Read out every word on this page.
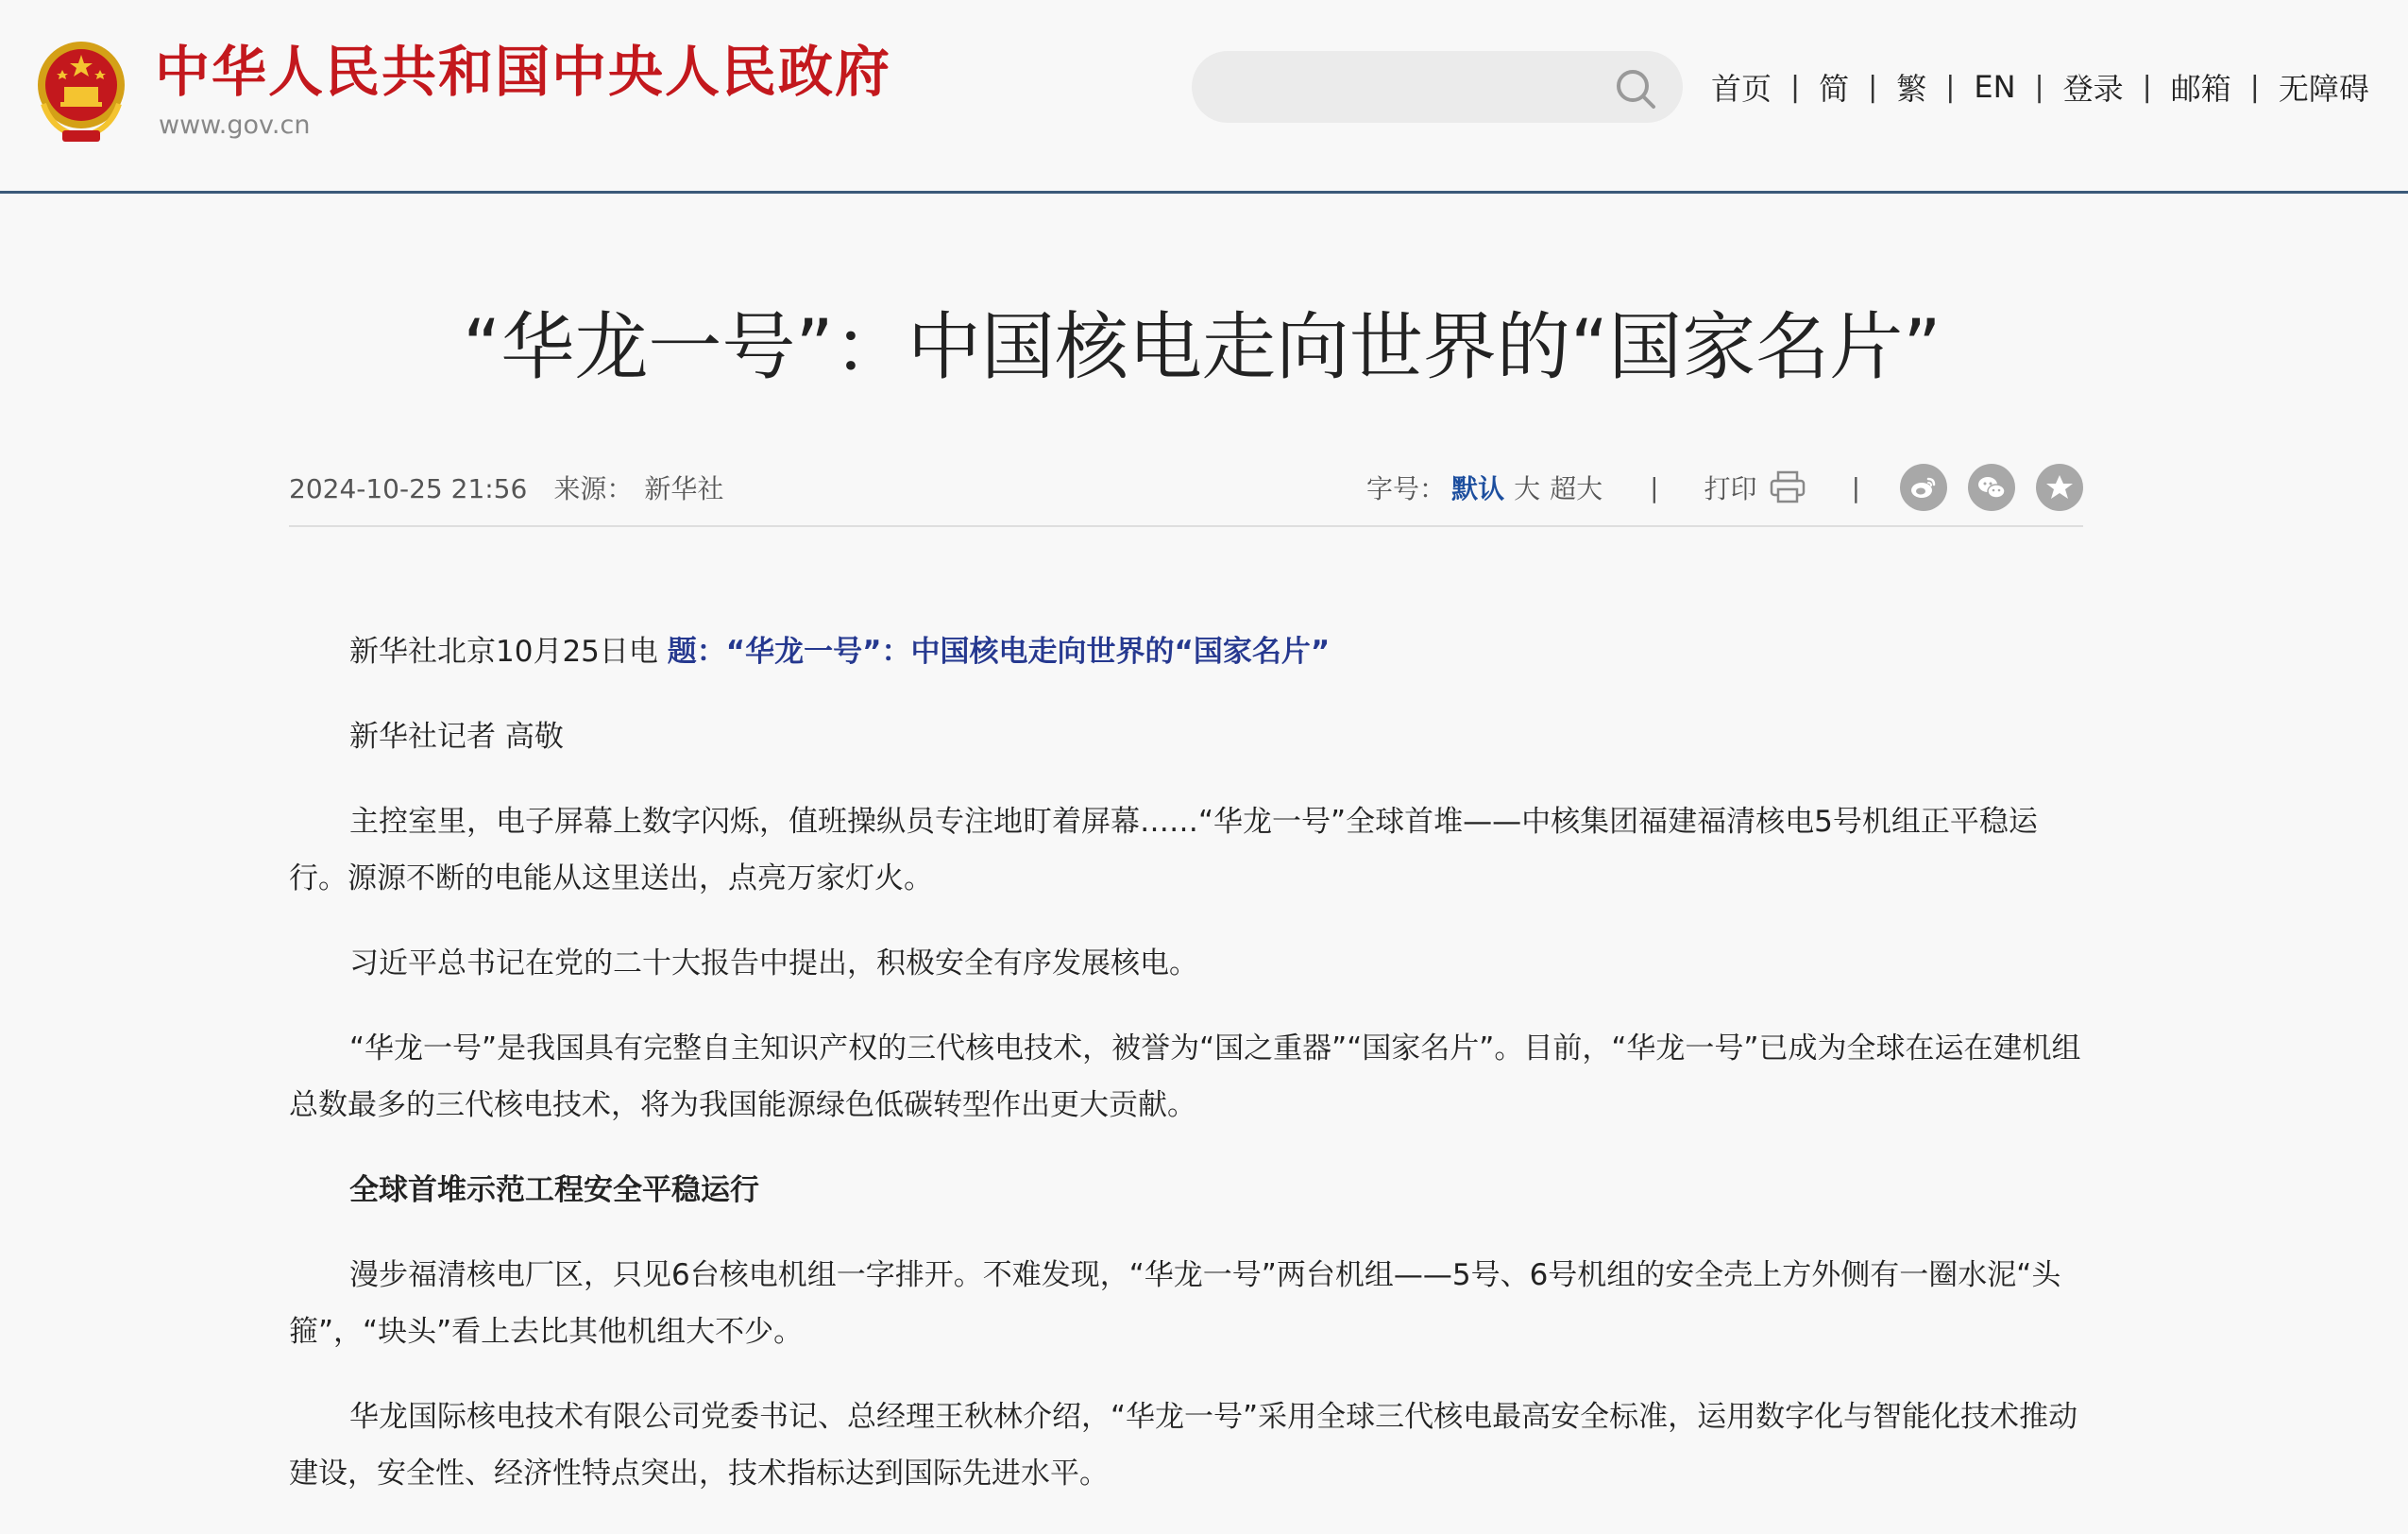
中华人民共和国中央人民政府
www.gov.cn
首页 | 简 | 繁 | EN | 登录 | 邮箱 | 无障碍
“华龙一号”：中国核电走向世界的“国家名片”
2024-10-25 21:56 来源： 新华社	字号： 默认 大 超大 | 打印	|

新华社北京10月25日电 题：“华龙一号”：中国核电走向世界的“国家名片”

新华社记者 高敬

主控室里，电子屏幕上数字闪烁，值班操纵员专注地盯着屏幕……“华龙一号”全球首堆——中核集团福建福清核电5号机组正平稳运行。源源不断的电能从这里送出，点亮万家灯火。

习近平总书记在党的二十大报告中提出，积极安全有序发展核电。

“华龙一号”是我国具有完整自主知识产权的三代核电技术，被誉为“国之重器”“国家名片”。目前，“华龙一号”已成为全球在运在建机组总数最多的三代核电技术，将为我国能源绿色低碳转型作出更大贡献。

全球首堆示范工程安全平稳运行

漫步福清核电厂区，只见6台核电机组一字排开。不难发现，“华龙一号”两台机组——5号、6号机组的安全壳上方外侧有一圈水泥“头箍”，“块头”看上去比其他机组大不少。

华龙国际核电技术有限公司党委书记、总经理王秋林介绍，“华龙一号”采用全球三代核电最高安全标准，运用数字化与智能化技术推动建设，安全性、经济性特点突出，技术指标达到国际先进水平。
